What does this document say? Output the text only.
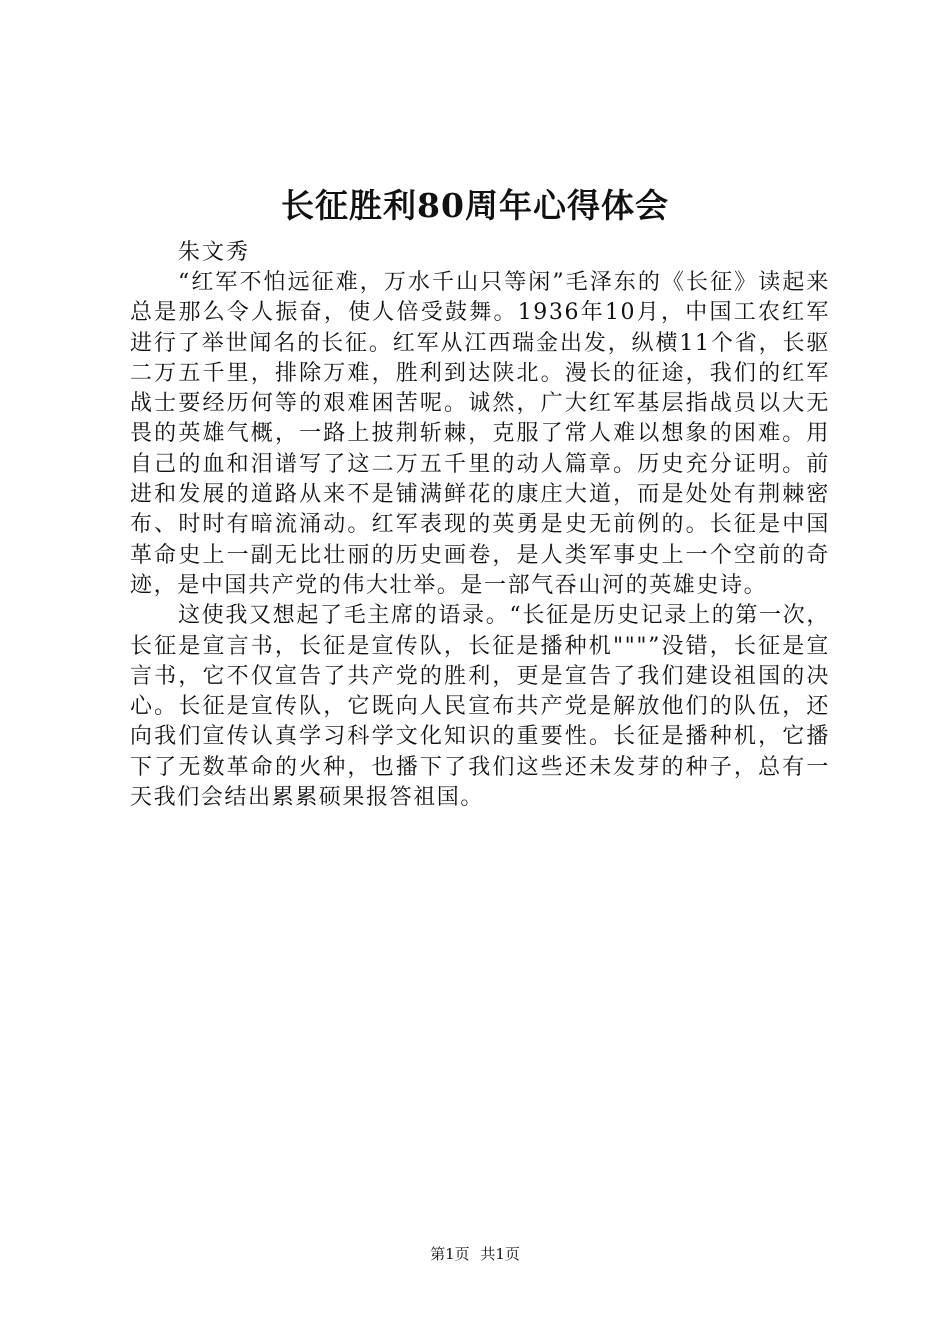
长征胜利80周年心得体会

朱文秀

“红军不怕远征难，万水千山只等闲”毛泽东的《长征》读起来总是那么令人振奋，使人倍受鼓舞。1936年10月，中国工农红军进行了举世闻名的长征。红军从江西瑞金出发，纵横11个省，长驱二万五千里，排除万难，胜利到达陕北。漫长的征途，我们的红军战士要经历何等的艰难困苦呢。诚然，广大红军基层指战员以大无畏的英雄气概，一路上披荆斩棘，克服了常人难以想象的困难。用自己的血和泪谱写了这二万五千里的动人篇章。历史充分证明。前进和发展的道路从来不是铺满鲜花的康庄大道，而是处处有荆棘密布、时时有暗流涌动。红军表现的英勇是史无前例的。长征是中国革命史上一副无比壮丽的历史画卷，是人类军事史上一个空前的奇迹，是中国共产党的伟大壮举。是一部气吞山河的英雄史诗。

这使我又想起了毛主席的语录。“长征是历史记录上的第一次，长征是宣言书，长征是宣传队，长征是播种机"""”没错，长征是宣言书，它不仅宣告了共产党的胜利，更是宣告了我们建设祖国的决心。长征是宣传队，它既向人民宣布共产党是解放他们的队伍，还向我们宣传认真学习科学文化知识的重要性。长征是播种机，它播下了无数革命的火种，也播下了我们这些还未发芽的种子，总有一天我们会结出累累硕果报答祖国。

第1页 共1页
